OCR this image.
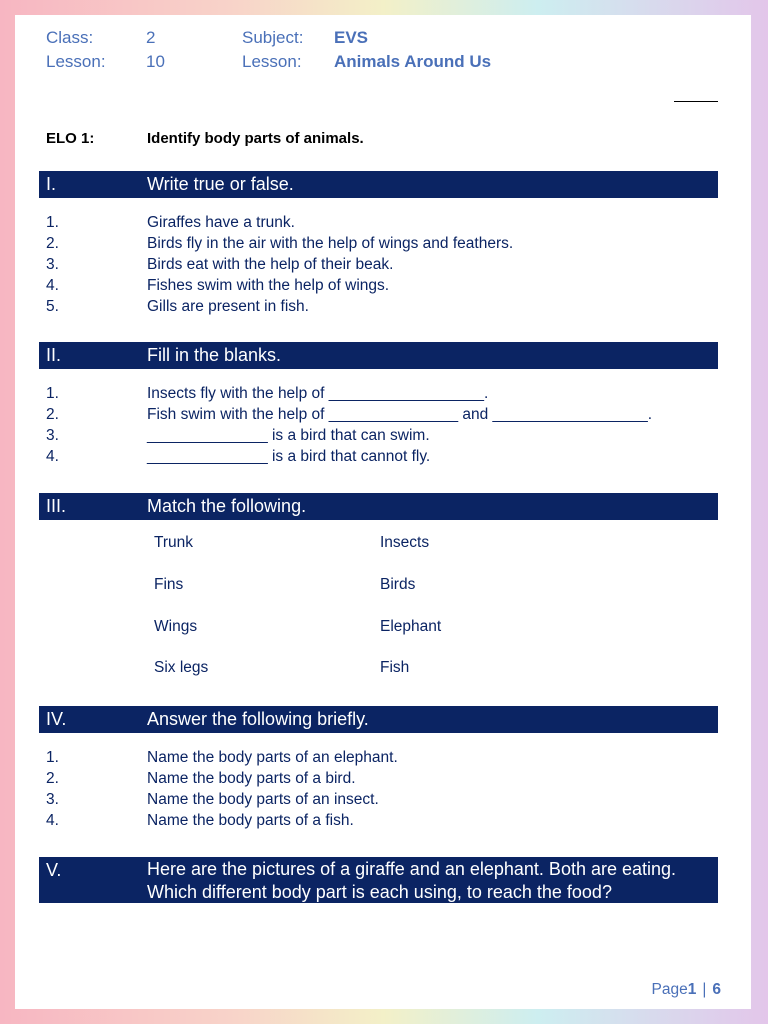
Class:	2	Subject: EVS
Lesson: 10	Lesson: Animals Around Us
ELO 1:	Identify body parts of animals.
I.	Write true or false.
1.	Giraffes have a trunk.
2.	Birds fly in the air with the help of wings and feathers.
3.	Birds eat with the help of their beak.
4.	Fishes swim with the help of wings.
5.	Gills are present in fish.
II.	Fill in the blanks.
1.	Insects fly with the help of __________________.
2.	Fish swim with the help of _______________ and __________________.
3.	______________ is a bird that can swim.
4.	______________ is a bird that cannot fly.
III.	Match the following.
Trunk	Insects
Fins	Birds
Wings	Elephant
Six legs	Fish
IV.	Answer the following briefly.
1.	Name the body parts of an elephant.
2.	Name the body parts of a bird.
3.	Name the body parts of an insect.
4.	Name the body parts of a fish.
V.	Here are the pictures of a giraffe and an elephant. Both are eating.
Which different body part is each using, to reach the food?
Page1 | 6
